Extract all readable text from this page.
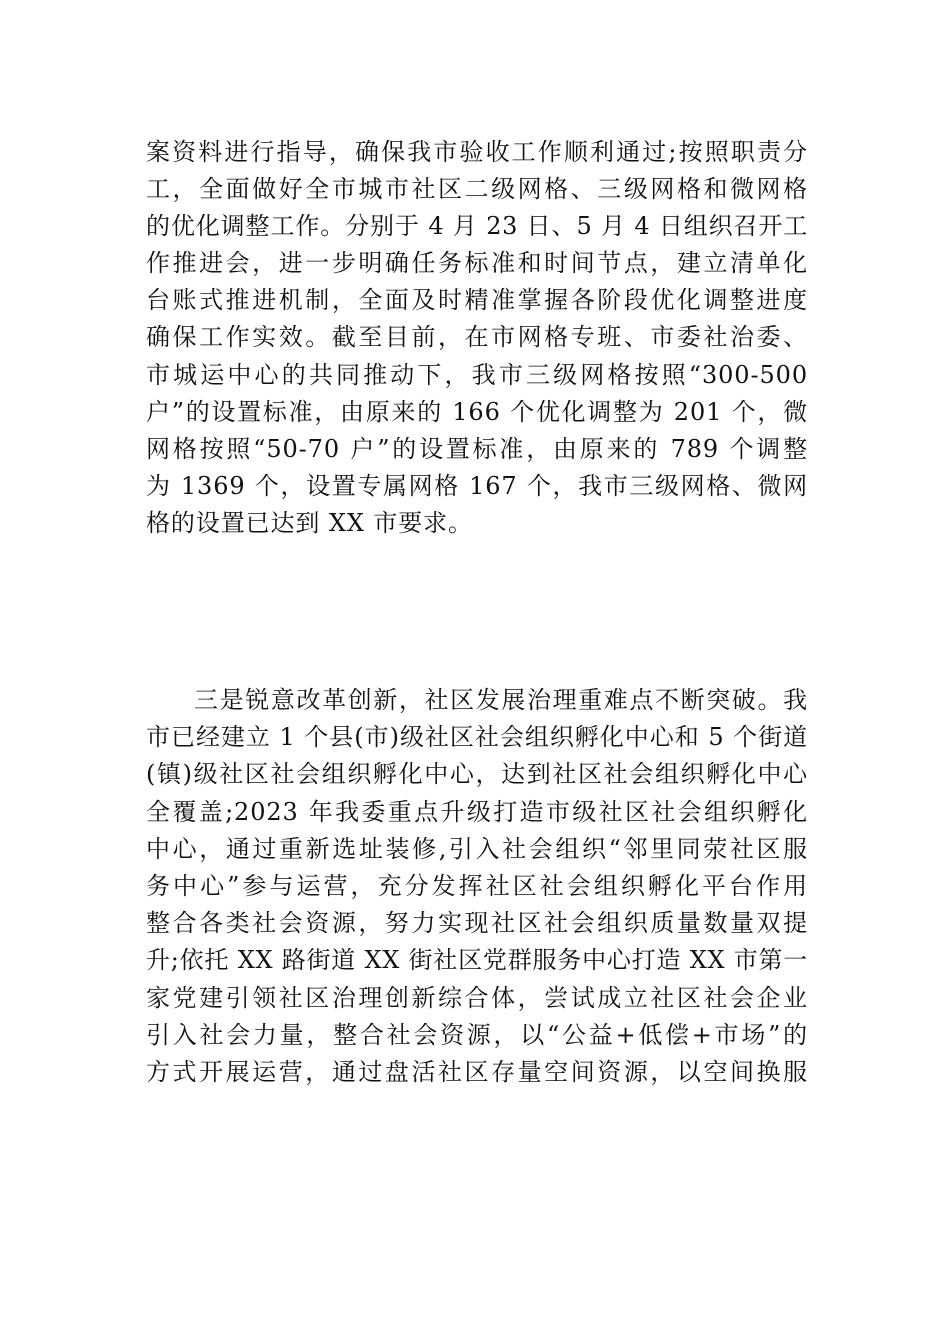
案资料进行指导，确保我市验收工作顺利通过;按照职责分
工，全面做好全市城市社区二级网格、三级网格和微网格
的优化调整工作。分别于 4 月 23 日、5 月 4 日组织召开工
作推进会，进一步明确任务标准和时间节点，建立清单化
台账式推进机制，全面及时精准掌握各阶段优化调整进度
确保工作实效。截至目前，在市网格专班、市委社治委、
市城运中心的共同推动下，我市三级网格按照“300-500
户”的设置标准，由原来的 166 个优化调整为 201 个，微
网格按照“50-70 户”的设置标准，由原来的 789 个调整
为 1369 个，设置专属网格 167 个，我市三级网格、微网
格的设置已达到 XX 市要求。
三是锐意改革创新，社区发展治理重难点不断突破。我
市已经建立 1 个县(市)级社区社会组织孵化中心和 5 个街道
(镇)级社区社会组织孵化中心，达到社区社会组织孵化中心
全覆盖;2023 年我委重点升级打造市级社区社会组织孵化
中心，通过重新选址装修,引入社会组织“邻里同荥社区服
务中心”参与运营，充分发挥社区社会组织孵化平台作用
整合各类社会资源，努力实现社区社会组织质量数量双提
升;依托 XX 路街道 XX 街社区党群服务中心打造 XX 市第一
家党建引领社区治理创新综合体，尝试成立社区社会企业
引入社会力量，整合社会资源，以“公益+低偿+市场”的
方式开展运营，通过盘活社区存量空间资源，以空间换服
